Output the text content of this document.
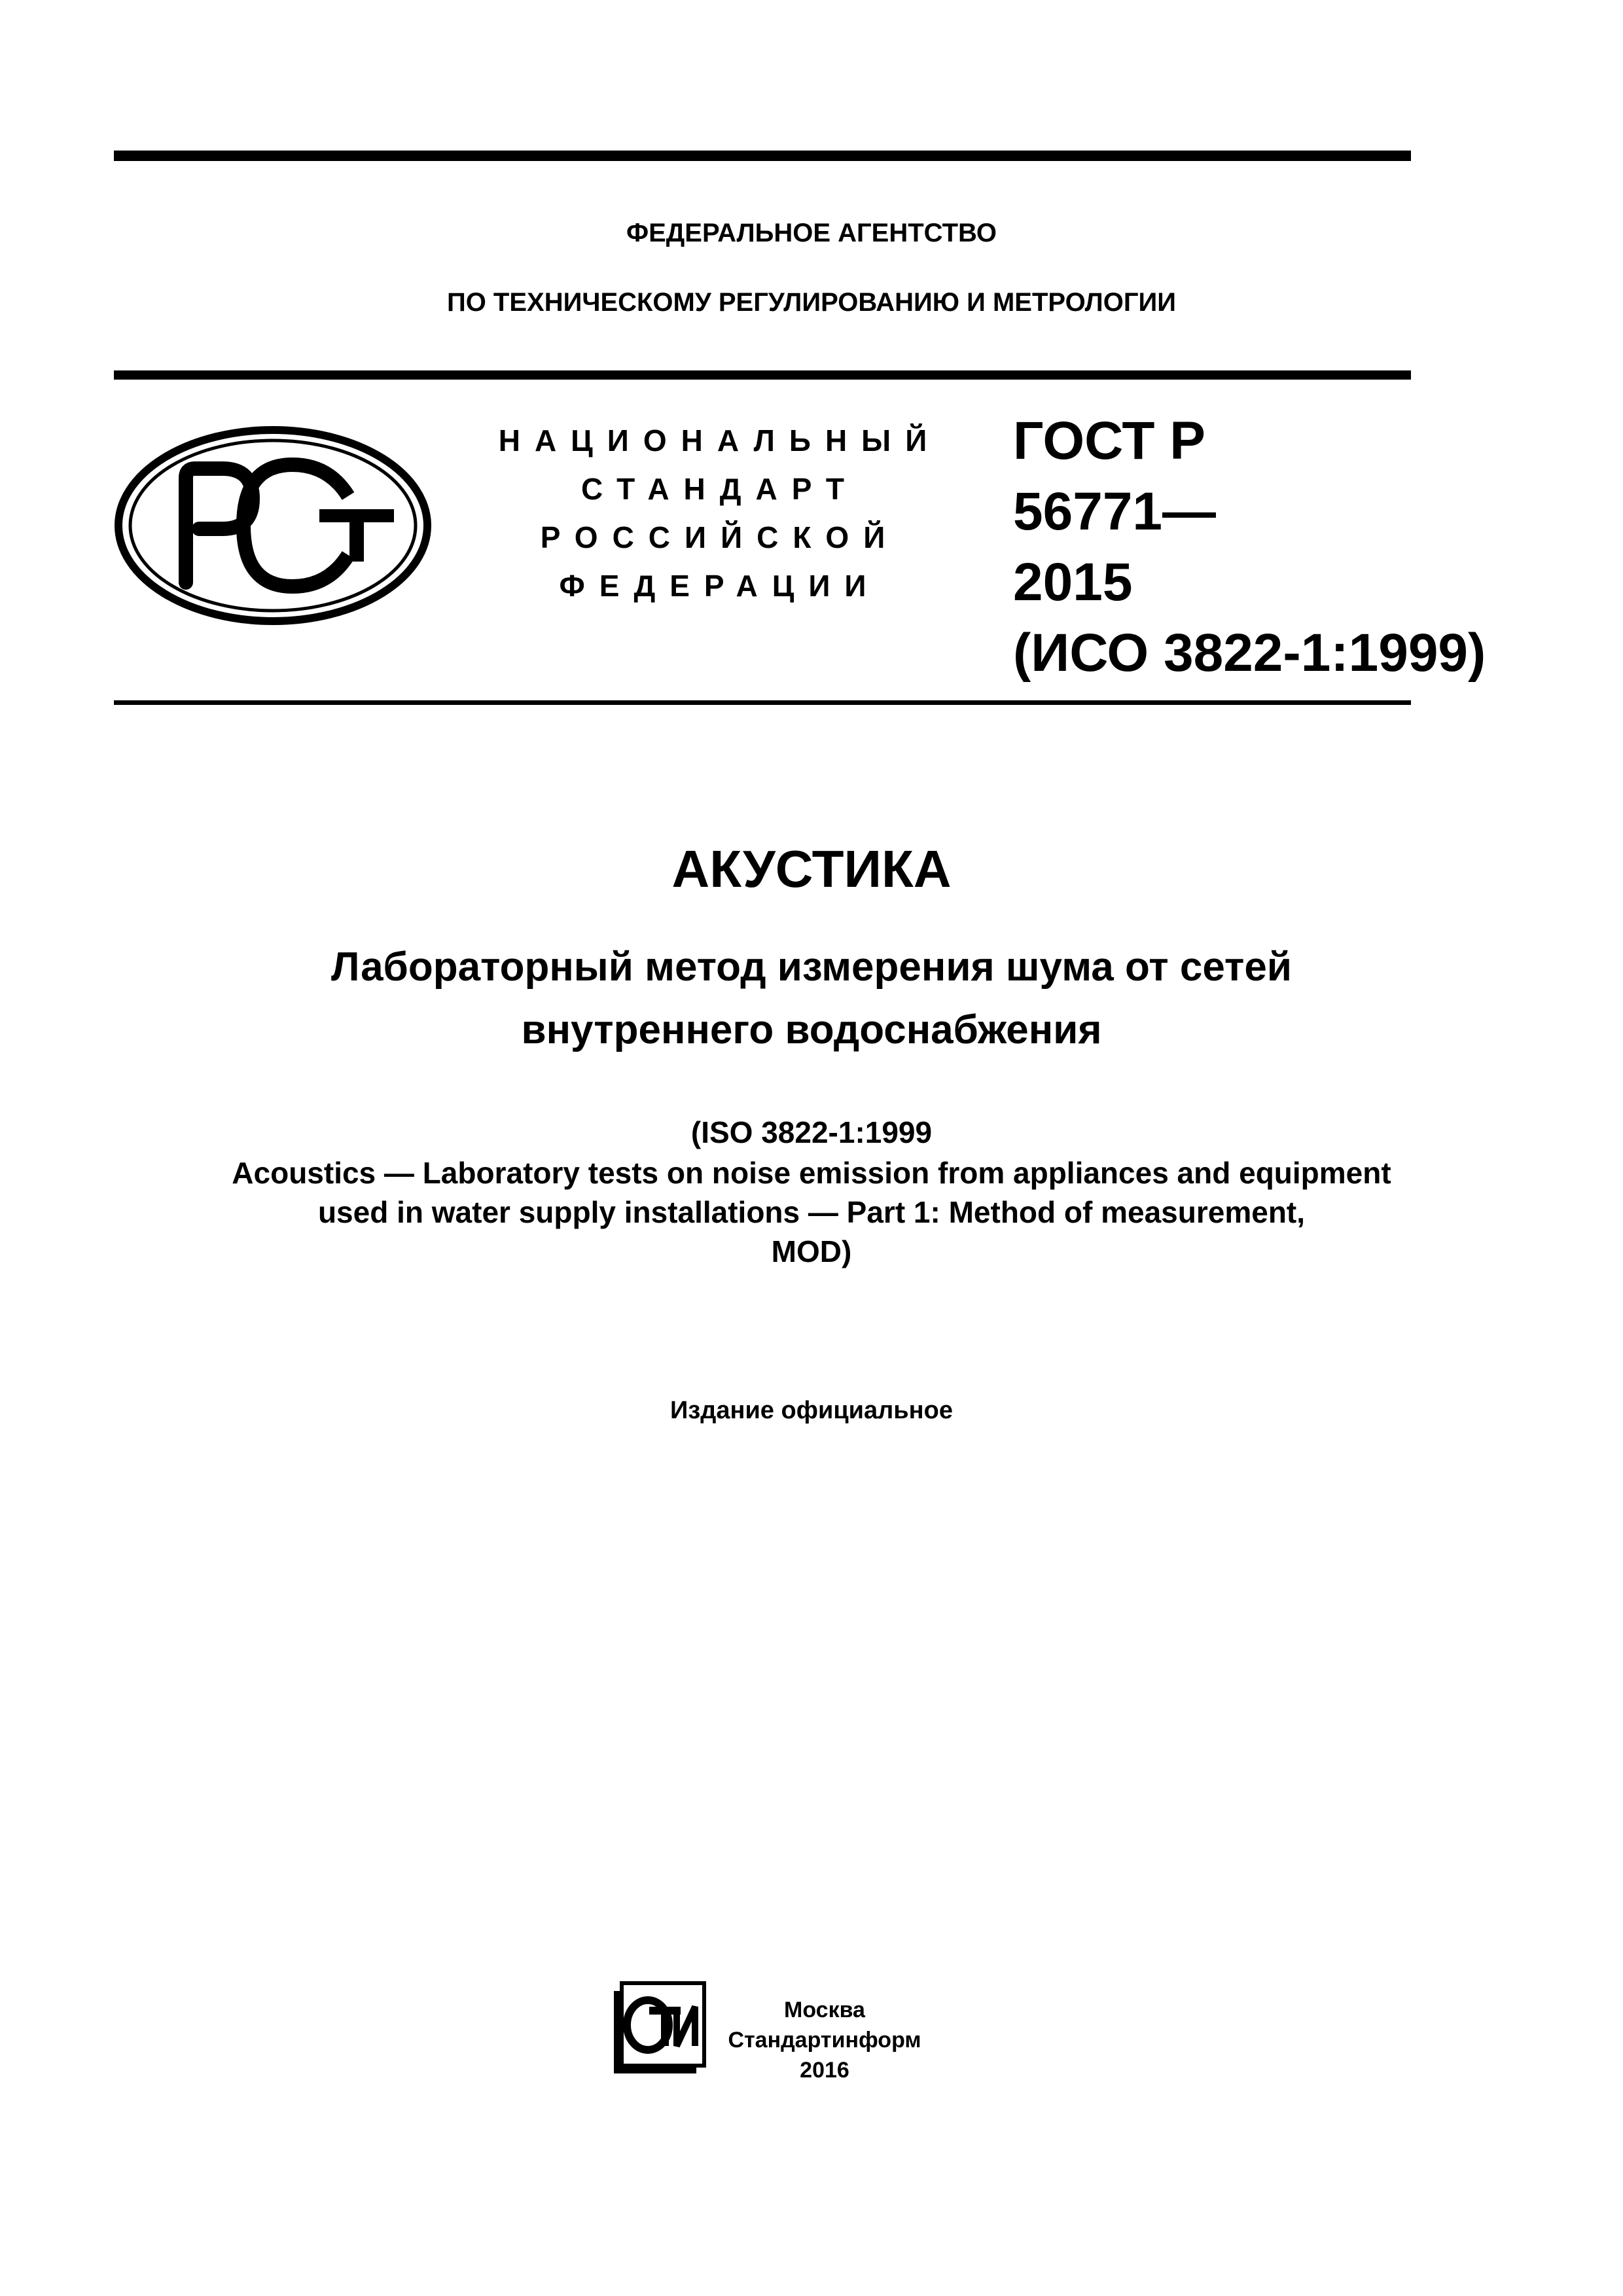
ФЕДЕРАЛЬНОЕ АГЕНТСТВО
ПО ТЕХНИЧЕСКОМУ РЕГУЛИРОВАНИЮ И МЕТРОЛОГИИ
НАЦИОНАЛЬНЫЙ
СТАНДАРТ
РОССИЙСКОЙ
ФЕДЕРАЦИИ
ГОСТ Р
56771—
2015
(ИСО 3822-1:1999)
АКУСТИКА
Лабораторный метод измерения шума от сетей
внутреннего водоснабжения
(ISO 3822-1:1999
Acoustics — Laboratory tests on noise emission from appliances and equipment
used in water supply installations — Part 1: Method of measurement,
MOD)
Издание официальное
Москва
Стандартинформ
2016
